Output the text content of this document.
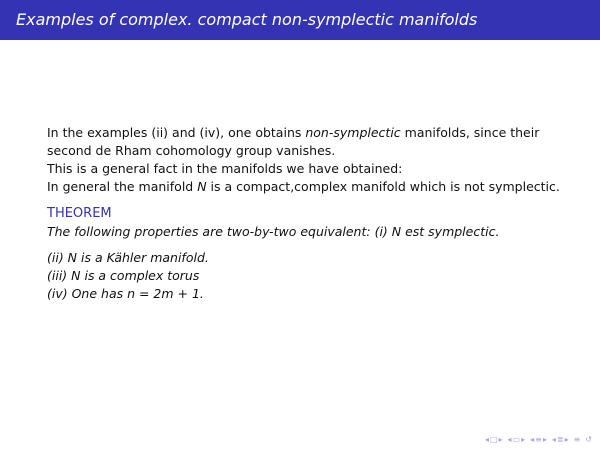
Examples of complex. compact non-symplectic manifolds

In the examples (ii) and (iv), one obtains non-symplectic manifolds, since their second de Rham cohomology group vanishes.

This is a general fact in the manifolds we have obtained:

In general the manifold N is a compact,complex manifold which is not symplectic.

THEOREM
The following properties are two-by-two equivalent: (i) N est symplectic.
(ii) N is a Kähler manifold.
(iii) N is a complex torus
(iv) One has n = 2m + 1.
◂ □ ▸ ◂ ▭ ▸ ◂ ≡ ▸ ◂ ≣ ▸ ≡ ↺
